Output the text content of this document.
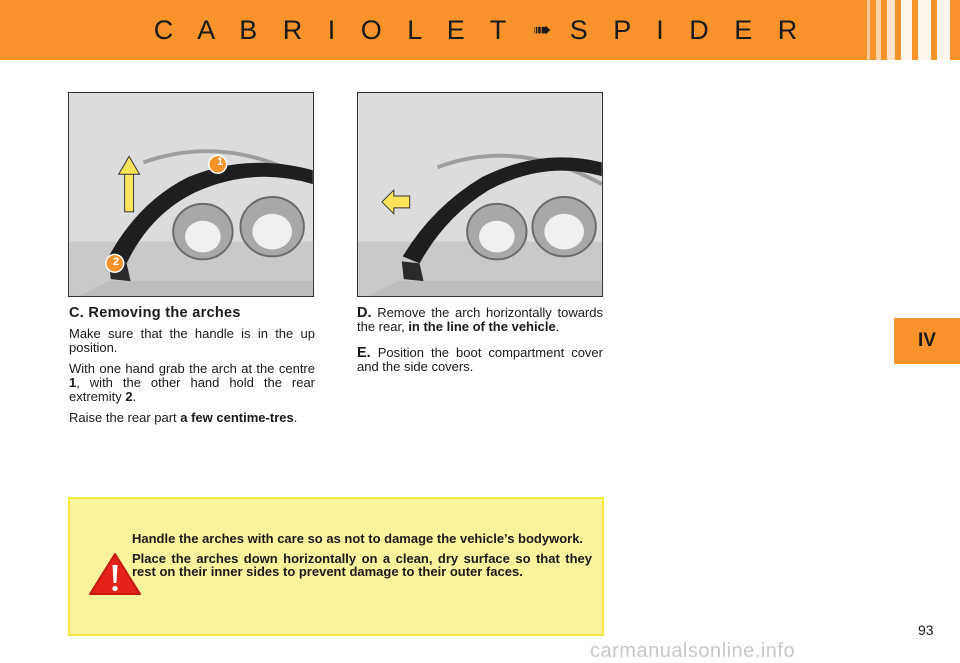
C A B R I O L E T ➠ S P I D E R
1
2
C. Removing the arches

Make sure that the handle is in the up position.

With one hand grab the arch at the centre 1, with the other hand hold the rear extremity 2.

Raise the rear part a few centime-tres.

D. Remove the arch horizontally towards the rear, in the line of the vehicle.

E. Position the boot compartment cover and the side covers.

IV

Handle the arches with care so as not to damage the vehicle’s bodywork.

Place the arches down horizontally on a clean, dry surface so that they rest on their inner sides to prevent damage to their outer faces.

93
carmanualsonline.info
